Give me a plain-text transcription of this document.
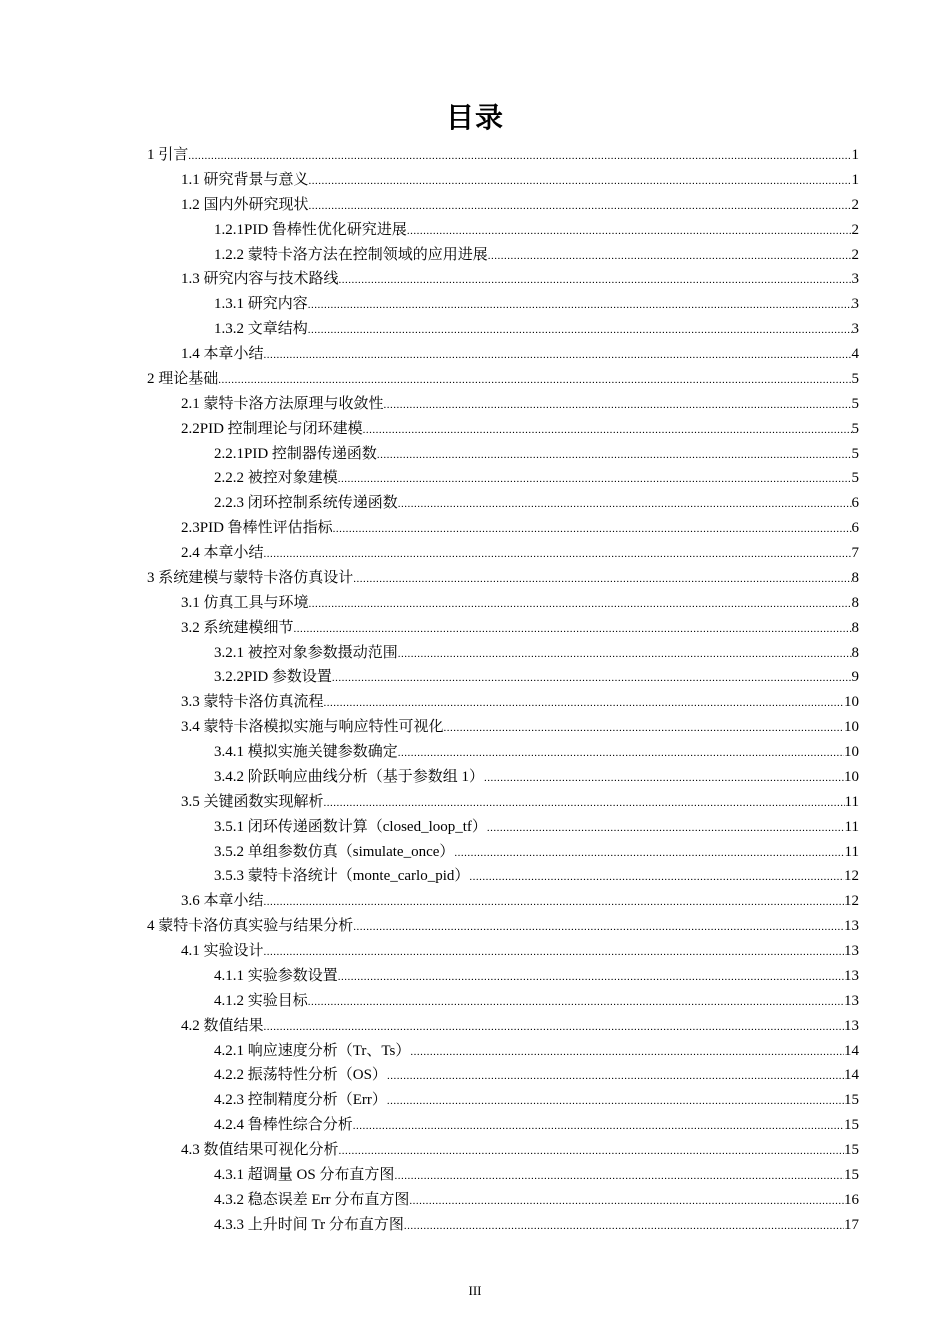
目录
1 引言 .....	1
1.1 研究背景与意义 .....	1
1.2 国内外研究现状 .....	2
1.2.1PID 鲁棒性优化研究进展 .....	2
1.2.2 蒙特卡洛方法在控制领域的应用进展 .....	2
1.3 研究内容与技术路线 .....	3
1.3.1 研究内容 .....	3
1.3.2 文章结构 .....	3
1.4 本章小结 .....	4
2 理论基础 .....	5
2.1 蒙特卡洛方法原理与收敛性 .....	5
2.2PID 控制理论与闭环建模 .....	5
2.2.1PID 控制器传递函数 .....	5
2.2.2 被控对象建模 .....	5
2.2.3 闭环控制系统传递函数 .....	6
2.3PID 鲁棒性评估指标 .....	6
2.4 本章小结 .....	7
3 系统建模与蒙特卡洛仿真设计 .....	8
3.1 仿真工具与环境 .....	8
3.2 系统建模细节 .....	8
3.2.1 被控对象参数摄动范围 .....	8
3.2.2PID 参数设置 .....	9
3.3 蒙特卡洛仿真流程 .....	10
3.4 蒙特卡洛模拟实施与响应特性可视化 .....	10
3.4.1 模拟实施关键参数确定 .....	10
3.4.2 阶跃响应曲线分析（基于参数组 1） .....	10
3.5 关键函数实现解析 .....	11
3.5.1 闭环传递函数计算（closed_loop_tf） .....	11
3.5.2 单组参数仿真（simulate_once） .....	11
3.5.3 蒙特卡洛统计（monte_carlo_pid） .....	12
3.6 本章小结 .....	12
4 蒙特卡洛仿真实验与结果分析 .....	13
4.1 实验设计 .....	13
4.1.1 实验参数设置 .....	13
4.1.2 实验目标 .....	13
4.2 数值结果 .....	13
4.2.1 响应速度分析（Tr、Ts） .....	14
4.2.2 振荡特性分析（OS） .....	14
4.2.3 控制精度分析（Err） .....	15
4.2.4 鲁棒性综合分析 .....	15
4.3 数值结果可视化分析 .....	15
4.3.1 超调量 OS 分布直方图 .....	15
4.3.2 稳态误差 Err 分布直方图 .....	16
4.3.3 上升时间 Tr 分布直方图 .....	17
III
